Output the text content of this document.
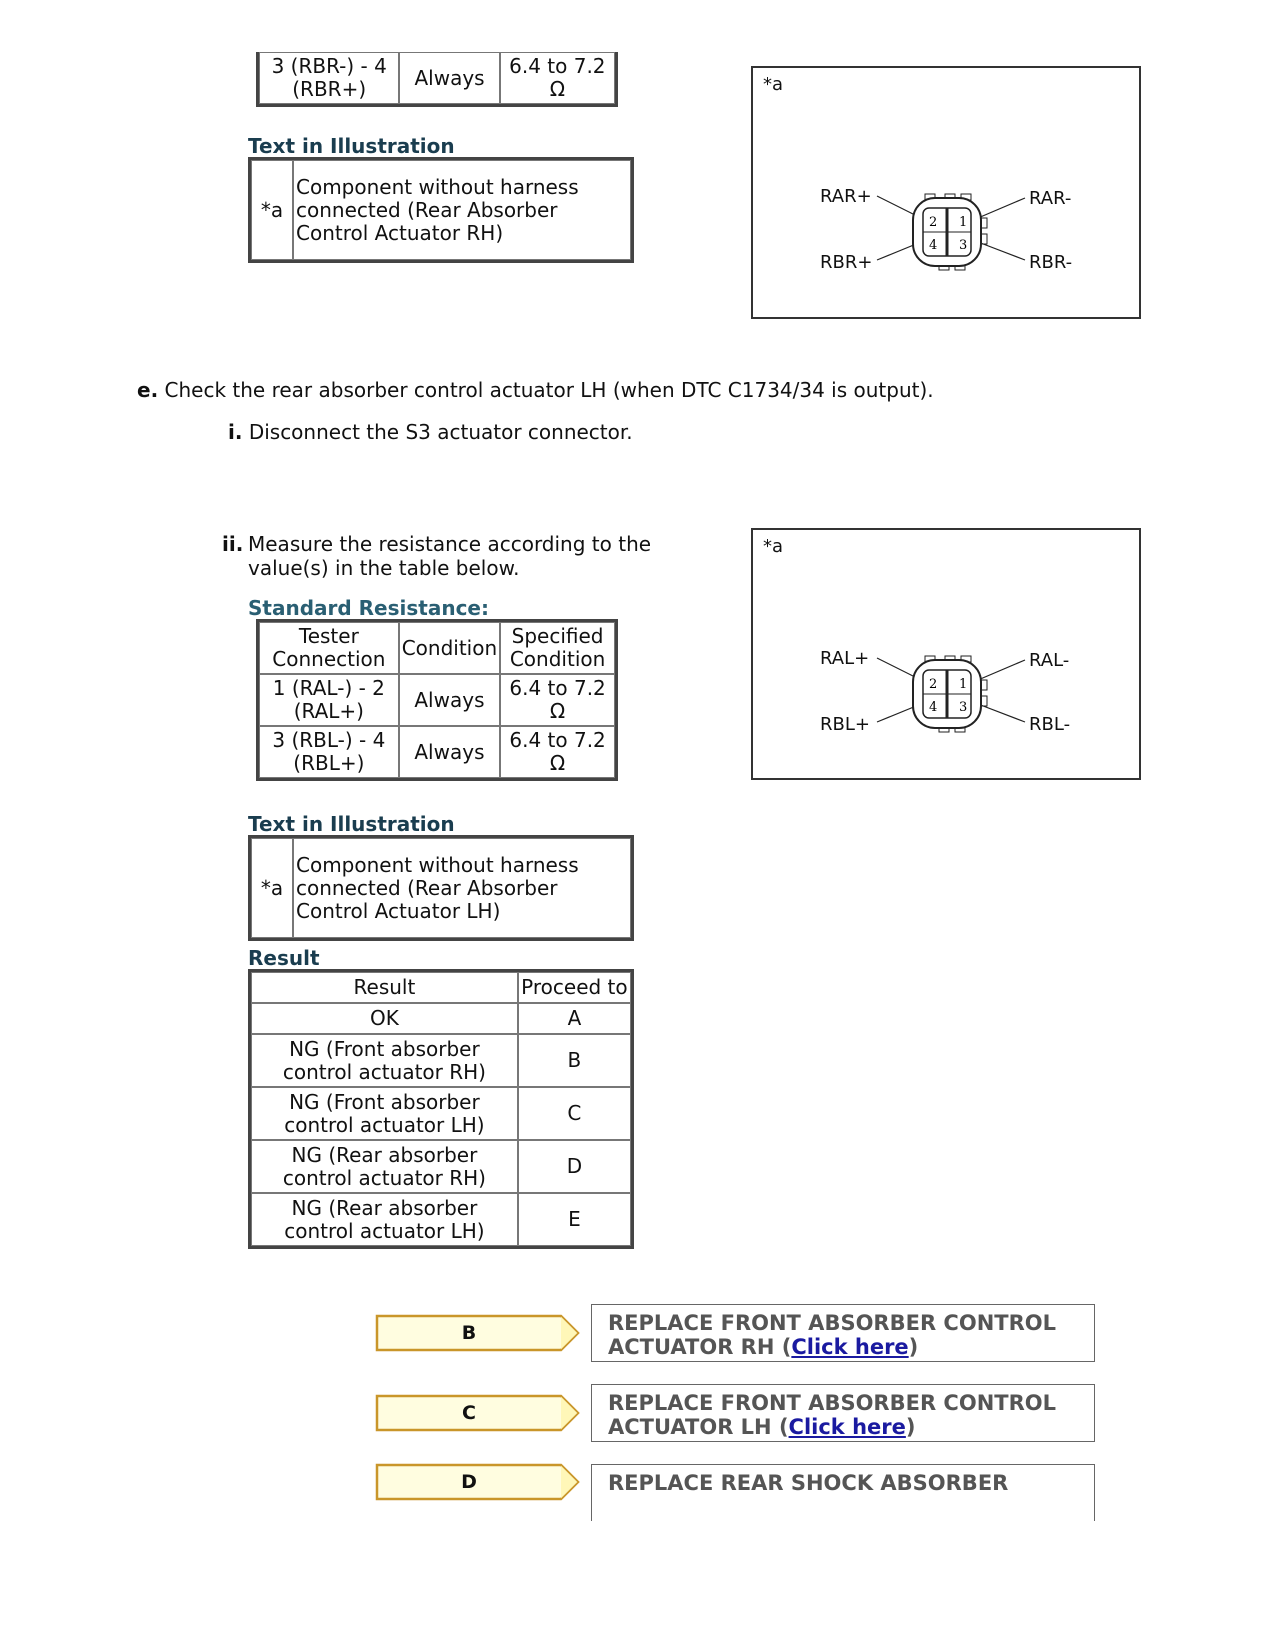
3 (RBR-) - 4 (RBR+)	Always	6.4 to 7.2 Ω
Text in Illustration
*a	Component without harness connected (Rear Absorber Control Actuator RH)
*a
RAR+
RBR+
RAR-
RBR-
2 1
4 3
e. Check the rear absorber control actuator LH (when DTC C1734/34 is output).
i. Disconnect the S3 actuator connector.
ii. Measure the resistance according to the value(s) in the table below.
Standard Resistance:
Tester Connection	Condition	Specified Condition
1 (RAL-) - 2 (RAL+)	Always	6.4 to 7.2 Ω
3 (RBL-) - 4 (RBL+)	Always	6.4 to 7.2 Ω
*a
RAL+
RBL+
RAL-
RBL-
2 1
4 3
Text in Illustration
*a	Component without harness connected (Rear Absorber Control Actuator LH)
Result
Result	Proceed to
OK	A
NG (Front absorber control actuator RH)	B
NG (Front absorber control actuator LH)	C
NG (Rear absorber control actuator RH)	D
NG (Rear absorber control actuator LH)	E
B	REPLACE FRONT ABSORBER CONTROL ACTUATOR RH (Click here)
C	REPLACE FRONT ABSORBER CONTROL ACTUATOR LH (Click here)
D	REPLACE REAR SHOCK ABSORBER
